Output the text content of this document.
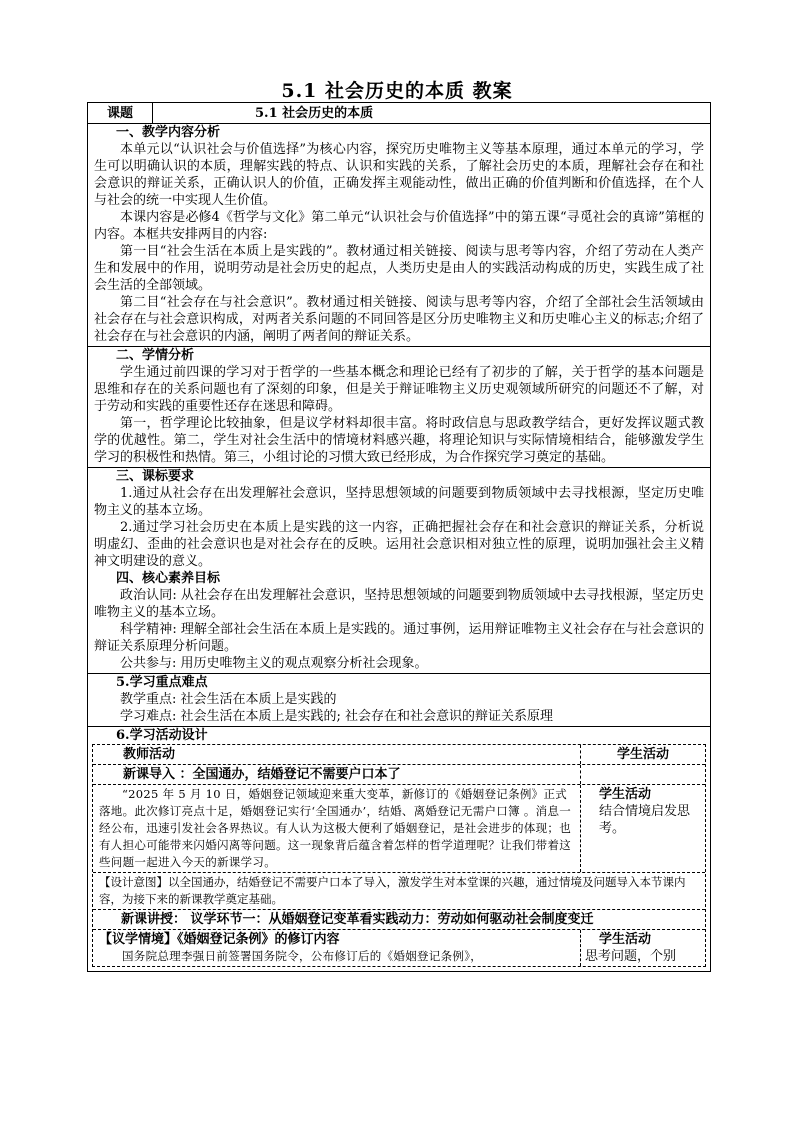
5.1 社会历史的本质 教案
课题	5.1 社会历史的本质
一、教学内容分析

本单元以“认识社会与价值选择”为核心内容，探究历史唯物主义等基本原理，通过本单元的学习，学生可以明确认识的本质，理解实践的特点、认识和实践的关系，了解社会历史的本质，理解社会存在和社会意识的辩证关系，正确认识人的价值，正确发挥主观能动性，做出正确的价值判断和价值选择，在个人与社会的统一中实现人生价值。

本课内容是必修4《哲学与文化》第二单元“认识社会与价值选择”中的第五课“寻觅社会的真谛”第框的内容。本框共安排两目的内容:

第一目“社会生活在本质上是实践的”。教材通过相关链接、阅读与思考等内容，介绍了劳动在人类产生和发展中的作用，说明劳动是社会历史的起点，人类历史是由人的实践活动构成的历史，实践生成了社会生活的全部领域。

第二目“社会存在与社会意识”。教材通过相关链接、阅读与思考等内容，介绍了全部社会生活领域由社会存在与社会意识构成，对两者关系问题的不同回答是区分历史唯物主义和历史唯心主义的标志;介绍了社会存在与社会意识的内涵，阐明了两者间的辩证关系。

二、学情分析

学生通过前四课的学习对于哲学的一些基本概念和理论已经有了初步的了解，关于哲学的基本问题是思维和存在的关系问题也有了深刻的印象，但是关于辩证唯物主义历史观领域所研究的问题还不了解，对于劳动和实践的重要性还存在迷思和障碍。

第一，哲学理论比较抽象，但是议学材料却很丰富。将时政信息与思政教学结合，更好发挥议题式教学的优越性。第二，学生对社会生活中的情境材料感兴趣，将理论知识与实际情境相结合，能够激发学生学习的积极性和热情。第三，小组讨论的习惯大致已经形成，为合作探究学习奠定的基础。

三、课标要求

1.通过从社会存在出发理解社会意识，坚持思想领域的问题要到物质领域中去寻找根源，坚定历史唯物主义的基本立场。

2.通过学习社会历史在本质上是实践的这一内容，正确把握社会存在和社会意识的辩证关系，分析说明虚幻、歪曲的社会意识也是对社会存在的反映。运用社会意识相对独立性的原理，说明加强社会主义精神文明建设的意义。

四、核心素养目标

政治认同: 从社会存在出发理解社会意识，坚持思想领域的问题要到物质领域中去寻找根源，坚定历史唯物主义的基本立场。

科学精神: 理解全部社会生活在本质上是实践的。通过事例，运用辩证唯物主义社会存在与社会意识的辩证关系原理分析问题。

公共参与: 用历史唯物主义的观点观察分析社会现象。

5.学习重点难点

教学重点: 社会生活在本质上是实践的

学习难点: 社会生活在本质上是实践的; 社会存在和社会意识的辩证关系原理

6.学习活动设计
教师活动	学生活动
新课导入 ：全国通办，结婚登记不需要户口本了
“2025 年 5 月 10 日，婚姻登记领域迎来重大变革，新修订的《婚姻登记条例》正式落地。此次修订亮点十足，婚姻登记实行‘全国通办’，结婚、离婚登记无需户口簿 。消息一经公布，迅速引发社会各界热议。有人认为这极大便利了婚姻登记，是社会进步的体现；也有人担心可能带来闪婚闪离等问题。这一现象背后蕴含着怎样的哲学道理呢？让我们带着这些问题一起进入今天的新课学习。
学生活动
结合情境启发思考。
【设计意图】以全国通办，结婚登记不需要户口本了导入，激发学生对本堂课的兴趣，通过情境及问题导入本节课内容，为接下来的新课教学奠定基础。
新课讲授： 议学环节一：从婚姻登记变革看实践动力：劳动如何驱动社会制度变迁
【议学情境】《婚姻登记条例》的修订内容
国务院总理李强日前签署国务院令，公布修订后的《婚姻登记条例》，
学生活动
思考问题，个别
